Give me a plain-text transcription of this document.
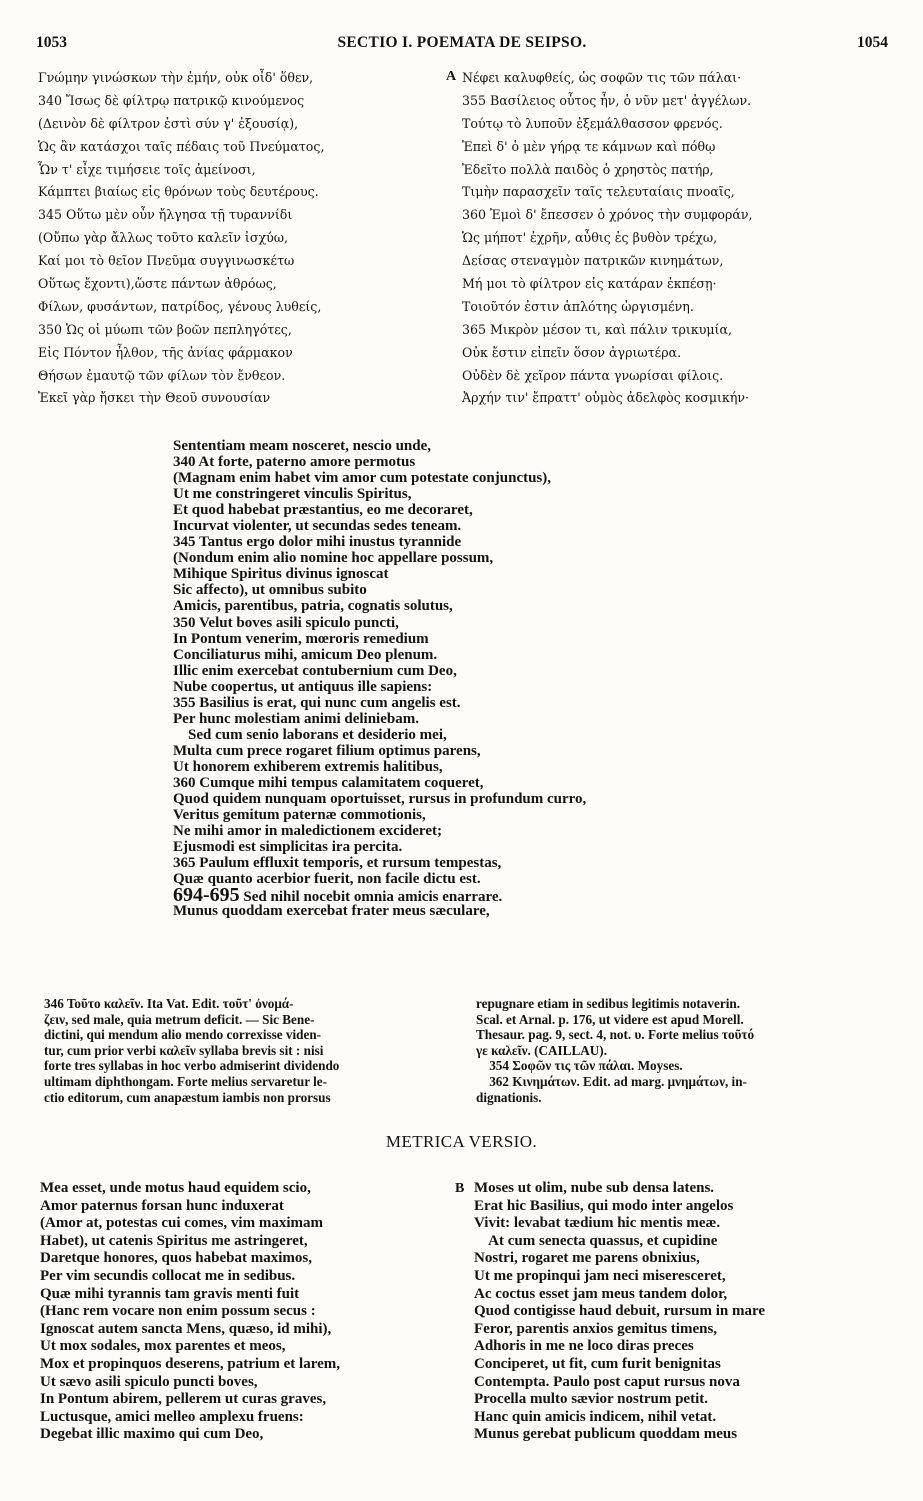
SECTIO I. POEMATA DE SEIPSO.
1053	1054
Γνώμην γινώσκων τὴν ἐμήν, οὐκ οἶδ' ὅθεν,
340 Ἴσως δὲ φίλτρῳ πατρικῷ κινούμενος
(Δεινὸν δὲ φίλτρον ἐστὶ σύν γ' ἐξουσίᾳ),
Ὡς ἂν κατάσχοι ταῖς πέδαις τοῦ Πνεύματος,
Ὧν τ' εἶχε τιμήσειε τοῖς ἀμείνοσι,
Κάμπτει βιαίως εἰς θρόνων τοὺς δευτέρους.
345 Οὕτω μὲν οὖν ἤλγησα τῇ τυραννίδι
(Οὔπω γὰρ ἄλλως τοῦτο καλεῖν ἰσχύω,
Καί μοι τὸ θεῖον Πνεῦμα συγγινωσκέτω
Οὕτως ἔχοντι),ὥστε πάντων ἀθρόως,
Φίλων, φυσάντων, πατρίδος, γένους λυθείς,
350 Ὡς οἱ μύωπι τῶν βοῶν πεπληγότες,
Εἰς Πόντον ἦλθον, τῆς ἀνίας φάρμακον
Θήσων ἐμαυτῷ τῶν φίλων τὸν ἔνθεον.
Ἐκεῖ γὰρ ἤσκει τὴν Θεοῦ συνουσίαν
A Νέφει καλυφθείς, ὡς σοφῶν τις τῶν πάλαι·
355 Βασίλειος οὗτος ἦν, ὁ νῦν μετ' ἀγγέλων.
Τούτῳ τὸ λυποῦν ἐξεμάλθασσον φρενός.
Ἐπεὶ δ' ὁ μὲν γήρᾳ τε κάμνων καὶ πόθῳ
Ἐδεῖτο πολλὰ παιδὸς ὁ χρηστὸς πατήρ,
Τιμὴν παρασχεῖν ταῖς τελευταίαις πνοαῖς,
360 Ἐμοὶ δ' ἔπεσσεν ὁ χρόνος τὴν συμφοράν,
Ὡς μήποτ' ἐχρῆν, αὖθις ἐς βυθὸν τρέχω,
Δείσας στεναγμὸν πατρικῶν κινημάτων,
Μή μοι τὸ φίλτρον εἰς κατάραν ἐκπέσῃ·
Τοιοῦτόν ἐστιν ἁπλότης ὠργισμένη.
365 Μικρὸν μέσον τι, καὶ πάλιν τρικυμία,
Οὐκ ἔστιν εἰπεῖν ὅσον ἀγριωτέρα.
Οὐδὲν δὲ χεῖρον πάντα γνωρίσαι φίλοις.
Ἀρχήν τιν' ἔπραττ' οὑμὸς ἀδελφὸς κοσμικήν·
Sententiam meam nosceret, nescio unde,
340 At forte, paterno amore permotus
(Magnam enim habet vim amor cum potestate conjunctus),
Ut me constringeret vinculis Spiritus,
Et quod habebat præstantius, eo me decoraret,
Incurvat violenter, ut secundas sedes teneam.
345 Tantus ergo dolor mihi inustus tyrannide
(Nondum enim alio nomine hoc appellare possum,
Mihique Spiritus divinus ignoscat
Sic affecto), ut omnibus subito
Amicis, parentibus, patria, cognatis solutus,
350 Velut boves asili spiculo puncti,
In Pontum venerim, mœroris remedium
Conciliaturus mihi, amicum Deo plenum.
Illic enim exercebat contubernium cum Deo,
Nube coopertus, ut antiquus ille sapiens:
355 Basilius is erat, qui nunc cum angelis est.
Per hunc molestiam animi deliniebam.
Sed cum senio laborans et desiderio mei,
Multa cum prece rogaret filium optimus parens,
Ut honorem exhiberem extremis halitibus,
360 Cumque mihi tempus calamitatem coqueret,
Quod quidem nunquam oportuisset, rursus in profundum curro,
Veritus gemitum paternæ commotionis,
Ne mihi amor in maledictionem excideret;
Ejusmodi est simplicitas ira percita.
365 Paulum effluxit temporis, et rursum tempestas,
Quæ quanto acerbior fuerit, non facile dictu est.
694-695 Sed nihil nocebit omnia amicis enarrare.
Munus quoddam exercebat frater meus sæculare,
346 Τοῦτο καλεῖν. Ita Vat. Edit. τοῦτ' ὀνομά-
ζειν, sed male, quia metrum deficit. — Sic Bene-
dictini, qui mendum alio mendo correxisse viden-
tur, cum prior verbi καλεῖν syllaba brevis sit : nisi
forte tres syllabas in hoc verbo admiserint dividendo
ultimam diphthongam. Forte melius servaretur le-
ctio editorum, cum anapæstum iambis non prorsus
repugnare etiam in sedibus legitimis notaverin.
Scal. et Arnal. p. 176, ut videre est apud Morell.
Thesaur. pag. 9, sect. 4, not. υ. Forte melius τοῦτό
γε καλεῖν. (CAILLAU).
354 Σοφῶν τις τῶν πάλαι. Moyses.
362 Κινημάτων. Edit. ad marg. μνημάτων, in-
dignationis.
METRICA VERSIO.
Mea esset, unde motus haud equidem scio,
Amor paternus forsan hunc induxerat
(Amor at, potestas cui comes, vim maximam
Habet), ut catenis Spiritus me astringeret,
Daretque honores, quos habebat maximos,
Per vim secundis collocat me in sedibus.
Quæ mihi tyrannis tam gravis menti fuit
(Hanc rem vocare non enim possum secus :
Ignoscat autem sancta Mens, quæso, id mihi),
Ut mox sodales, mox parentes et meos,
Mox et propinquos deserens, patrium et larem,
Ut sævo asili spiculo puncti boves,
In Pontum abirem, pellerem ut curas graves,
Luctusque, amici melleo amplexu fruens:
Degebat illic maximo qui cum Deo,
B Moses ut olim, nube sub densa latens.
Erat hic Basilius, qui modo inter angelos
Vivit: levabat tædium hic mentis meæ.
At cum senecta quassus, et cupidine
Nostri, rogaret me parens obnixius,
Ut me propinqui jam neci miseresceret,
Ac coctus esset jam meus tandem dolor,
Quod contigisse haud debuit, rursum in mare
Feror, parentis anxios gemitus timens,
Adhoris in me ne loco diras preces
Conciperet, ut fit, cum furit benignitas
Contempta. Paulo post caput rursus nova
Procella multo sævior nostrum petit.
Hanc quin amicis indicem, nihil vetat.
Munus gerebat publicum quoddam meus
